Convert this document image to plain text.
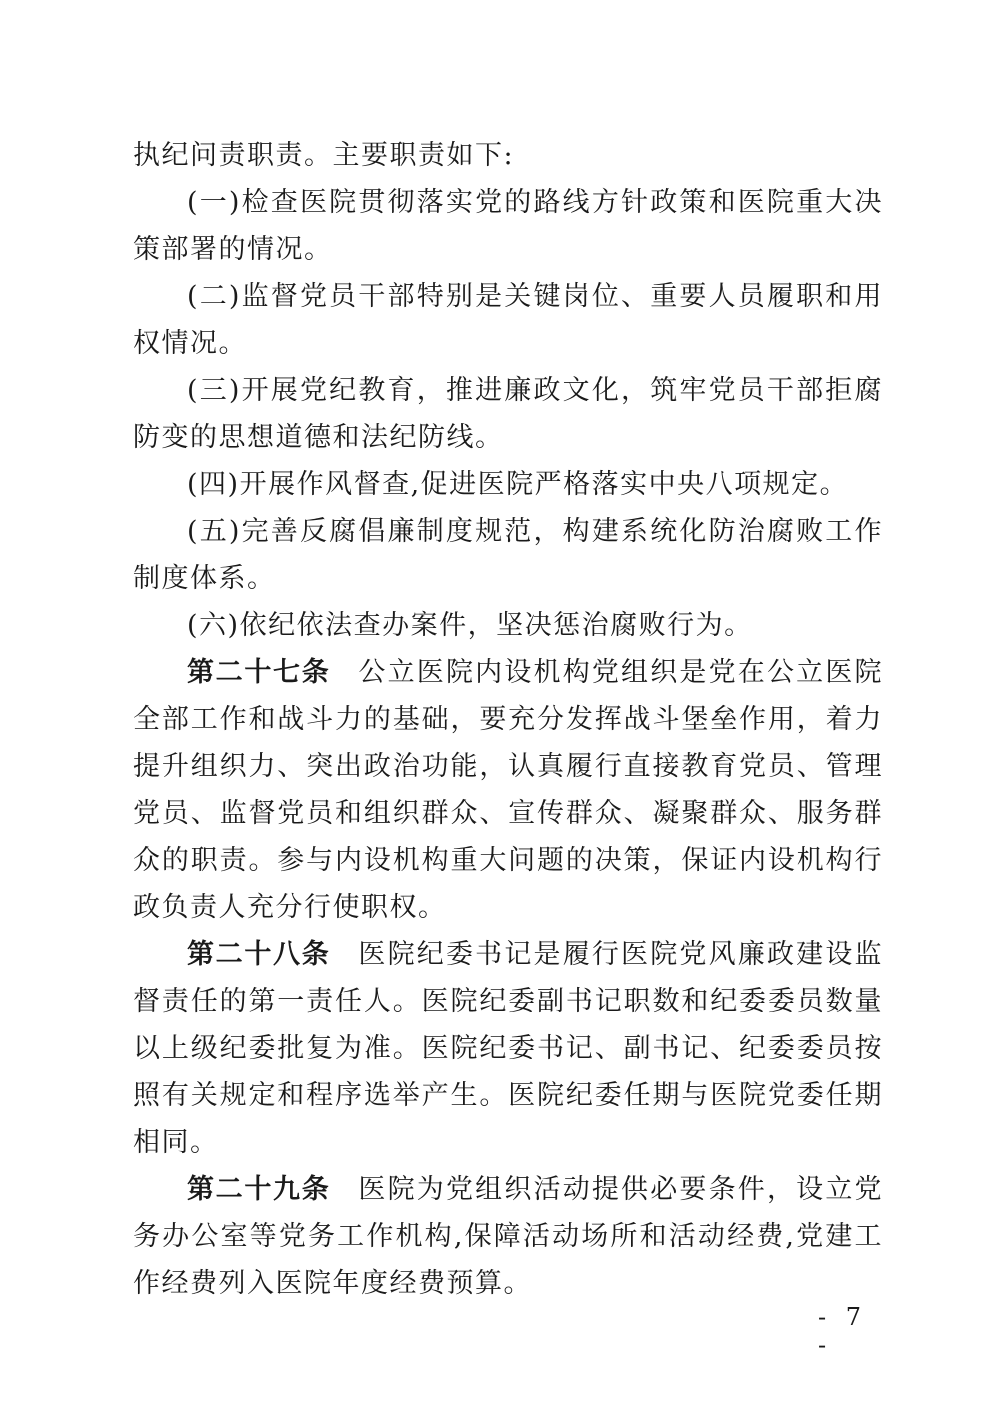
执纪问责职责。主要职责如下:

(一)检查医院贯彻落实党的路线方针政策和医院重大决策部署的情况。

(二)监督党员干部特别是关键岗位、重要人员履职和用权情况。

(三)开展党纪教育，推进廉政文化，筑牢党员干部拒腐防变的思想道德和法纪防线。

(四)开展作风督查,促进医院严格落实中央八项规定。

(五)完善反腐倡廉制度规范，构建系统化防治腐败工作制度体系。

(六)依纪依法查办案件，坚决惩治腐败行为。

第二十七条 公立医院内设机构党组织是党在公立医院全部工作和战斗力的基础，要充分发挥战斗堡垒作用，着力提升组织力、突出政治功能，认真履行直接教育党员、管理党员、监督党员和组织群众、宣传群众、凝聚群众、服务群众的职责。参与内设机构重大问题的决策，保证内设机构行政负责人充分行使职权。

第二十八条 医院纪委书记是履行医院党风廉政建设监督责任的第一责任人。医院纪委副书记职数和纪委委员数量以上级纪委批复为准。医院纪委书记、副书记、纪委委员按照有关规定和程序选举产生。医院纪委任期与医院党委任期相同。

第二十九条 医院为党组织活动提供必要条件，设立党务办公室等党务工作机构,保障活动场所和活动经费,党建工作经费列入医院年度经费预算。

- 7 -
